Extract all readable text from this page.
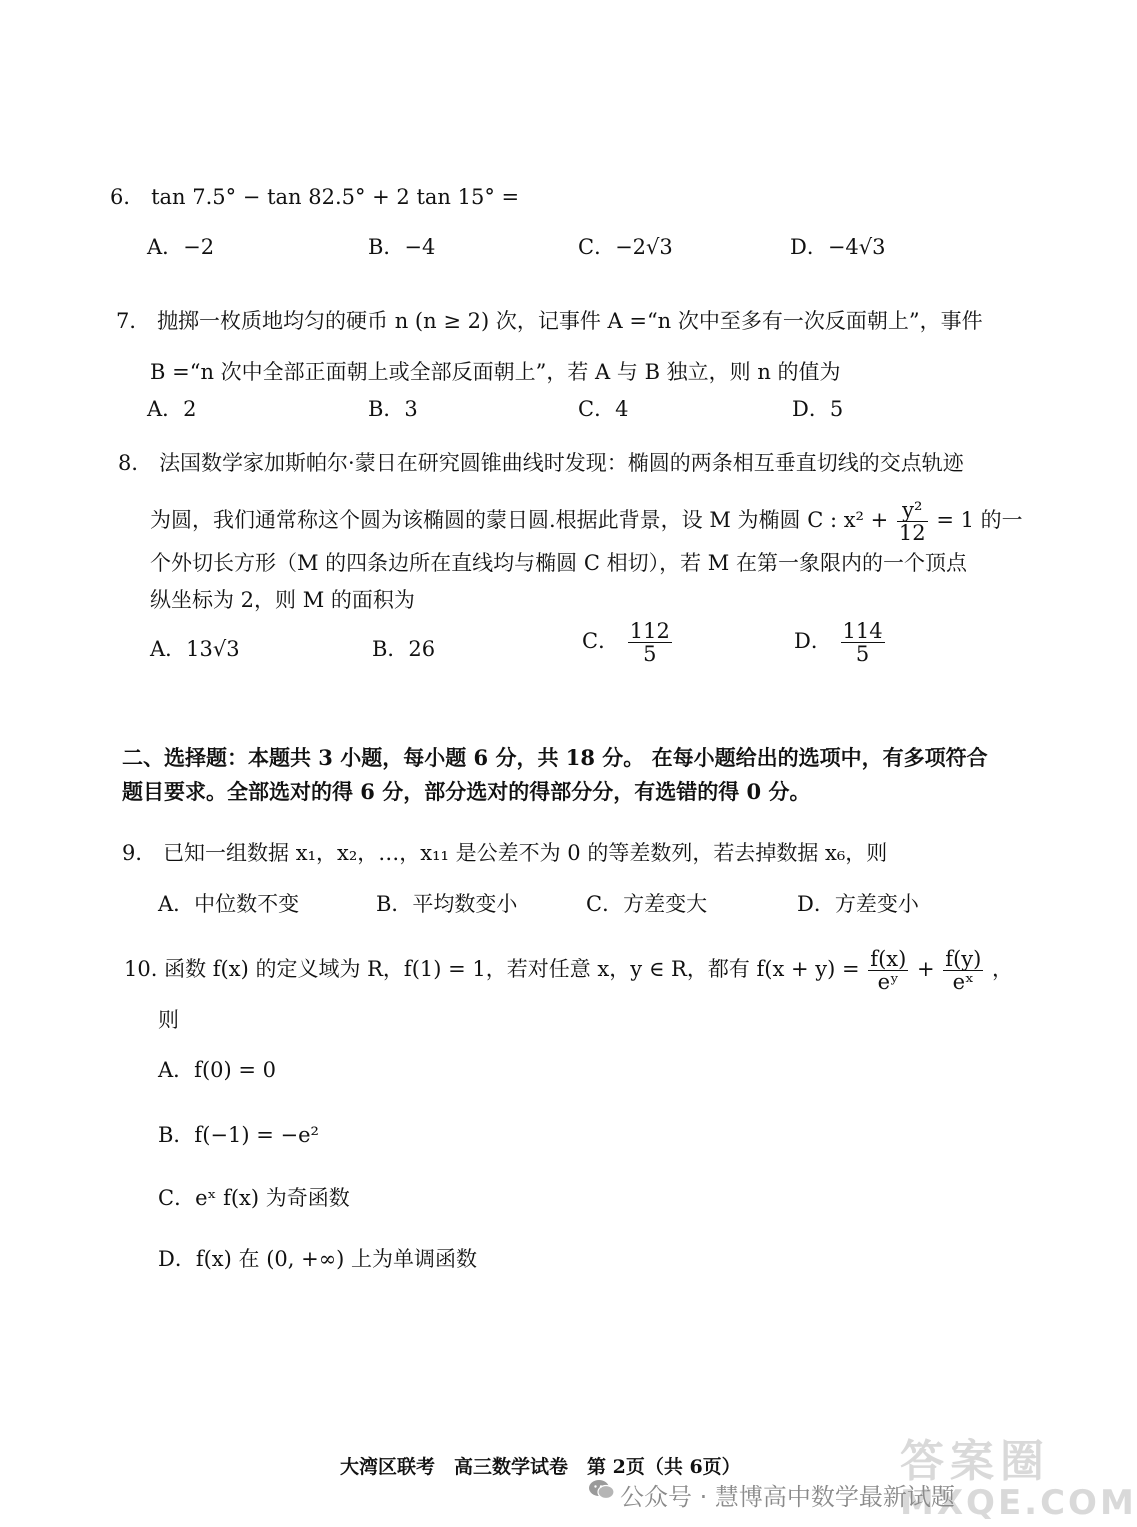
6． tan 7.5° − tan 82.5° + 2 tan 15° =
A．−2	B．−4	C．−2√3	D．−4√3
7． 抛掷一枚质地均匀的硬币 n (n ≥ 2) 次，记事件 A =“n 次中至多有一次反面朝上”，事件
B =“n 次中全部正面朝上或全部反面朝上”，若 A 与 B 独立，则 n 的值为
A．2	B．3	C．4	D．5
8． 法国数学家加斯帕尔·蒙日在研究圆锥曲线时发现：椭圆的两条相互垂直切线的交点轨迹
为圆，我们通常称这个圆为该椭圆的蒙日圆.根据此背景，设 M 为椭圆 C : $x^2 + \frac{\text{y²}}{12} = 1$ 的一
个外切长方形（M 的四条边所在直线均与椭圆 C 相切），若 M 在第一象限内的一个顶点
纵坐标为 2，则 M 的面积为
A．13√3	B．26	C． $\frac{112}{5}$	D． $\frac{114}{5}$
二、选择题：本题共 3 小题，每小题 6 分，共 18 分。 在每小题给出的选项中，有多项符合
题目要求。全部选对的得 6 分，部分选对的得部分分，有选错的得 0 分。
9． 已知一组数据 x₁，x₂，…，x₁₁ 是公差不为 0 的等差数列，若去掉数据 x₆，则
A．中位数不变	B．平均数变小	C．方差变大	D．方差变小
10. 函数 f(x) 的定义域为 R，f(1) = 1，若对任意 x，y ∈ R，都有 $f(x + y) = \frac{f(x)}{\text{eʸ}} + \frac{f(y)}{\text{eˣ}}$ ，
则
A．f(0) = 0
B．f(−1) = −e²
C．eˣ f(x) 为奇函数
D．f(x) 在 (0, +∞) 上为单调函数
大湾区联考　高三数学试卷　第 2页（共 6页）	答案圈
MXQE.COM
公众号 · 慧博高中数学最新试题
